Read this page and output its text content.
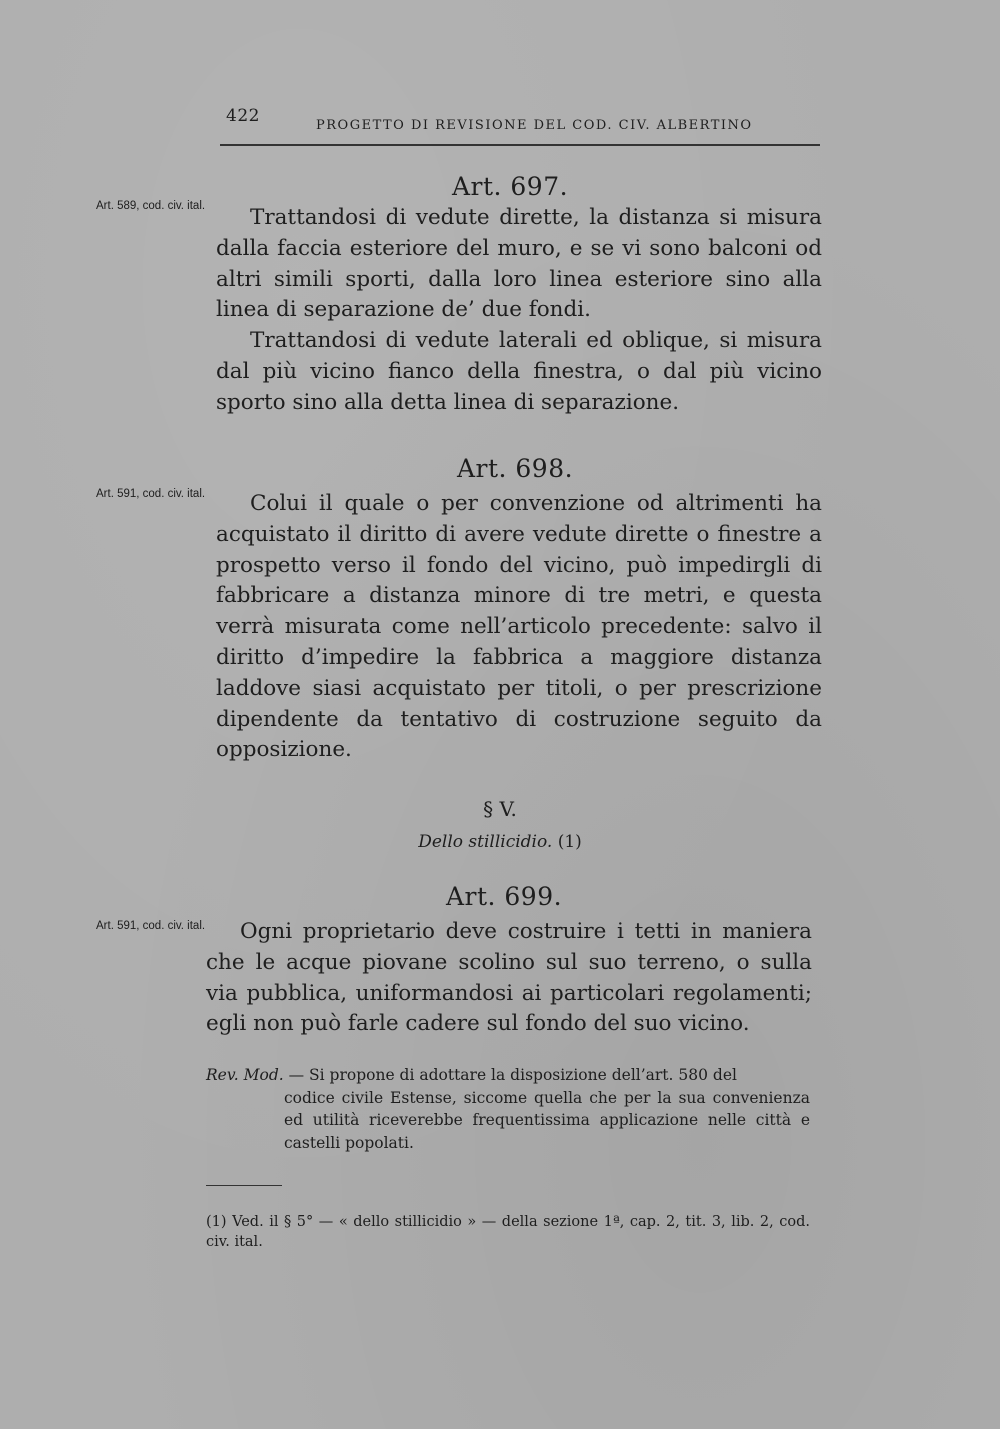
422	PROGETTO DI REVISIONE DEL COD. CIV. ALBERTINO
Art. 697.
Art. 589, cod. civ. ital.	Trattandosi di vedute dirette, la distanza si misura dalla faccia esteriore del muro, e se vi sono balconi od altri simili sporti, dalla loro linea esteriore sino alla linea di separazione de’ due fondi.

Trattandosi di vedute laterali ed oblique, si misura dal più vicino fianco della finestra, o dal più vicino sporto sino alla detta linea di separazione.

Art. 698.
Art. 591, cod. civ. ital.	Colui il quale o per convenzione od altrimenti ha acquistato il diritto di avere vedute dirette o finestre a prospetto verso il fondo del vicino, può impedirgli di fabbricare a distanza minore di tre metri, e questa verrà misurata come nell’articolo precedente: salvo il diritto d’impedire la fabbrica a maggiore distanza laddove siasi acquistato per titoli, o per prescrizione dipendente da tentativo di costruzione seguito da opposizione.

§ V.
Dello stillicidio. (1)
Art. 699.
Art. 591, cod. civ. ital.	Ogni proprietario deve costruire i tetti in maniera che le acque piovane scolino sul suo terreno, o sulla via pubblica, uniformandosi ai particolari regolamenti; egli non può farle cadere sul fondo del suo vicino.

Rev. Mod. — Si propone di adottare la disposizione dell’art. 580 del
codice civile Estense, siccome quella che per la sua convenienza ed utilità riceverebbe frequentissima applicazione nelle città e castelli popolati.
(1) Ved. il § 5° — « dello stillicidio » — della sezione 1ª, cap. 2, tit. 3, lib. 2, cod. civ. ital.
